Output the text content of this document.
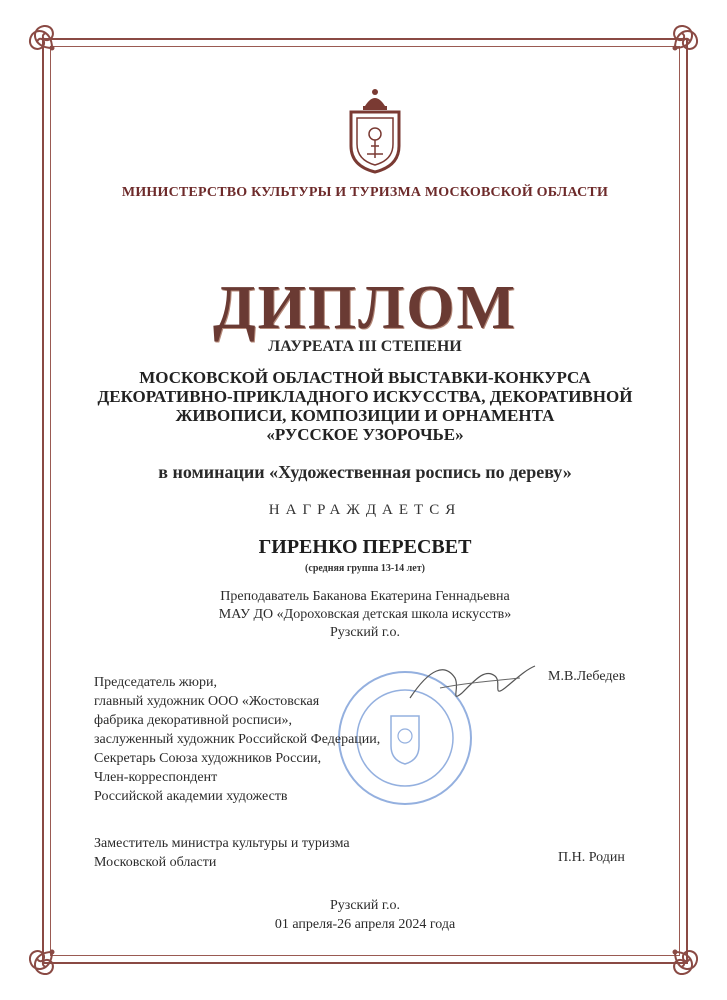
МИНИСТЕРСТВО КУЛЬТУРЫ И ТУРИЗМА МОСКОВСКОЙ ОБЛАСТИ
ДИПЛОМ
ЛАУРЕАТА III СТЕПЕНИ
МОСКОВСКОЙ ОБЛАСТНОЙ ВЫСТАВКИ-КОНКУРСА
ДЕКОРАТИВНО-ПРИКЛАДНОГО ИСКУССТВА, ДЕКОРАТИВНОЙ
ЖИВОПИСИ, КОМПОЗИЦИИ И ОРНАМЕНТА
«РУССКОЕ УЗОРОЧЬЕ»
в номинации «Художественная роспись по дереву»
НАГРАЖДАЕТСЯ
ГИРЕНКО ПЕРЕСВЕТ
(средняя группа 13-14 лет)
Преподаватель Баканова Екатерина Геннадьевна
МАУ ДО «Дороховская детская школа искусств»
Рузский г.о.
Председатель жюри,
главный художник ООО «Жостовская
фабрика декоративной росписи»,
заслуженный художник Российской Федерации,
Секретарь Союза художников России,
Член-корреспондент
Российской академии художеств
М.В.Лебедев
Заместитель министра культуры и туризма
Московской области	П.Н. Родин
Рузский г.о.
01 апреля-26 апреля 2024 года
